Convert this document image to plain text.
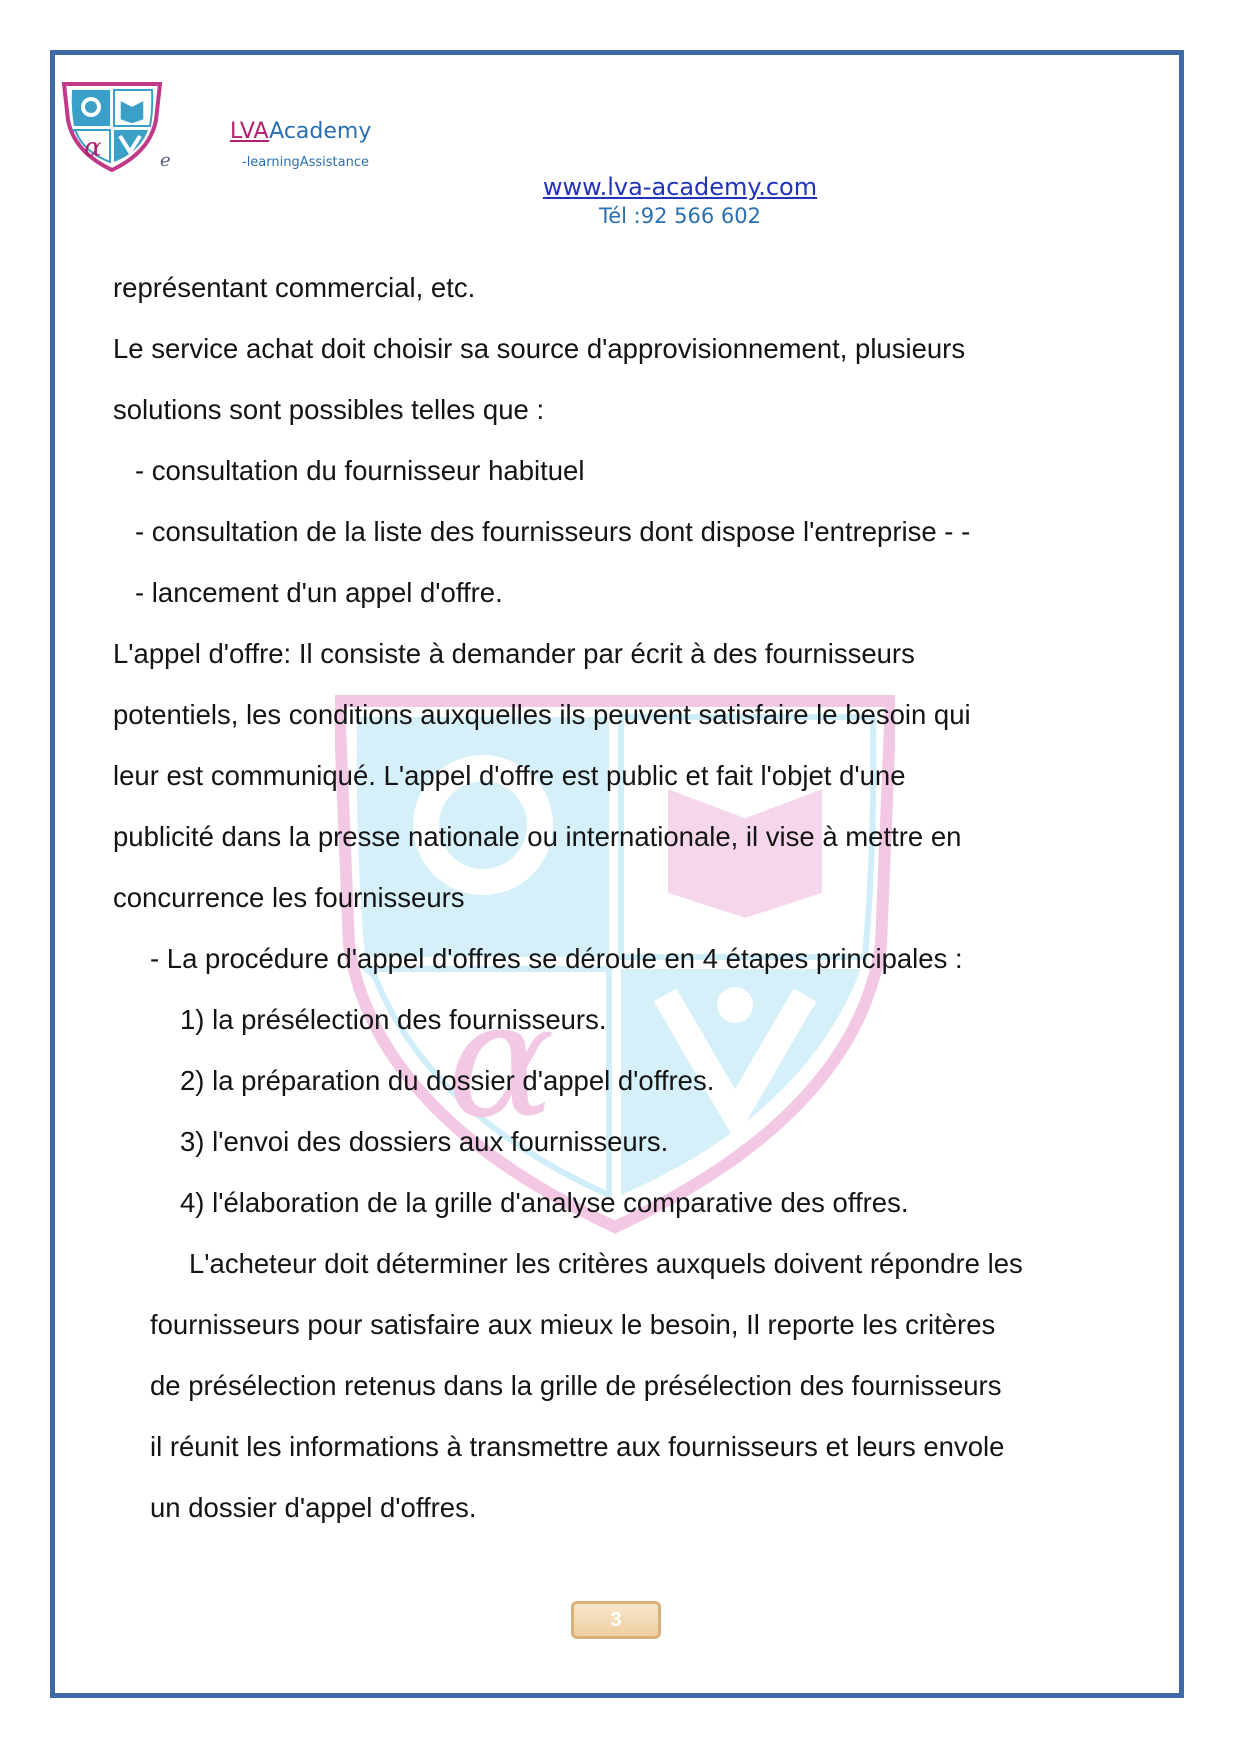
α	e
LVAAcademy
-learningAssistance
www.lva-academy.com
Tél :92 566 602
α
représentant commercial, etc.
Le service achat doit choisir sa source d'approvisionnement, plusieurs
solutions sont possibles telles que :
- consultation du fournisseur habituel
- consultation de la liste des fournisseurs dont dispose l'entreprise - -
- lancement d'un appel d'offre.
L'appel d'offre: Il consiste à demander par écrit à des fournisseurs
potentiels, les conditions auxquelles ils peuvent satisfaire le besoin qui
leur est communiqué. L'appel d'offre est public et fait l'objet d'une
publicité dans la presse nationale ou internationale, il vise à mettre en
concurrence les fournisseurs
- La procédure d'appel d'offres se déroule en 4 étapes principales :
1) la présélection des fournisseurs.
2) la préparation du dossier d'appel d'offres.
3) l'envoi des dossiers aux fournisseurs.
4) l'élaboration de la grille d'analyse comparative des offres.
L'acheteur doit déterminer les critères auxquels doivent répondre les
fournisseurs pour satisfaire aux mieux le besoin, Il reporte les critères
de présélection retenus dans la grille de présélection des fournisseurs
il réunit les informations à transmettre aux fournisseurs et leurs envole
un dossier d'appel d'offres.
3
